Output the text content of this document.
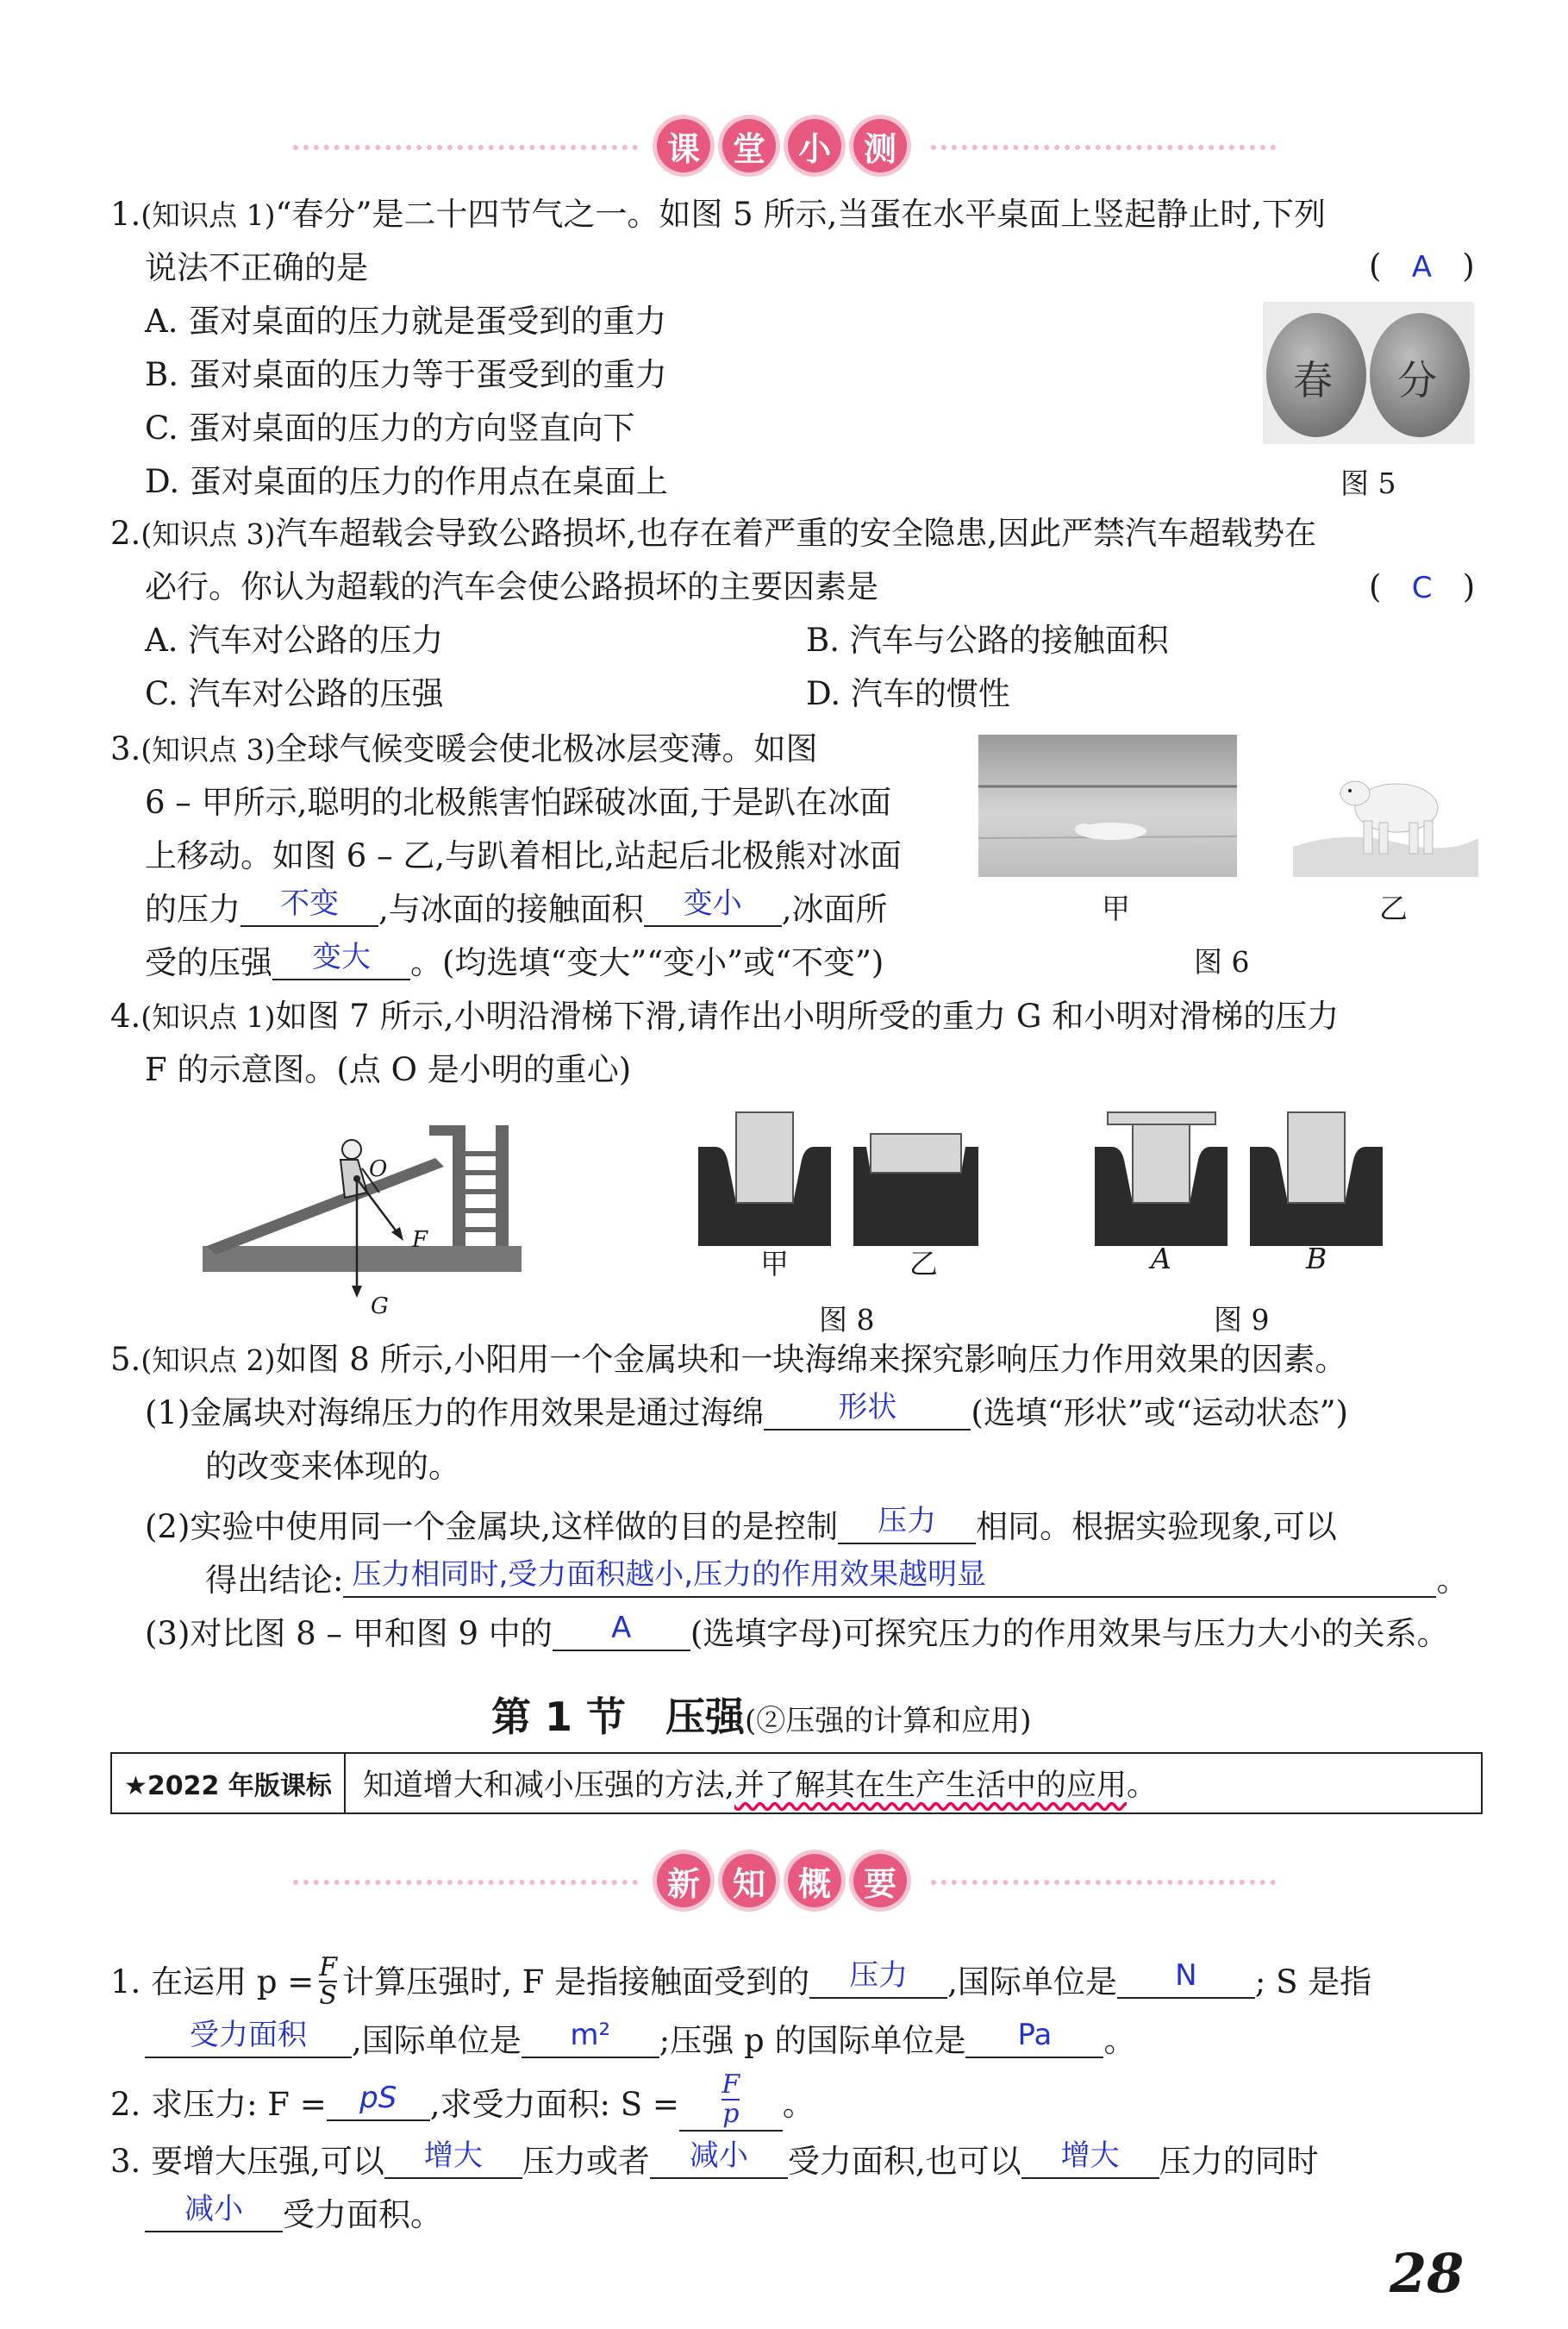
课 堂 小 测
1.(知识点 1)“春分”是二十四节气之一。如图 5 所示,当蛋在水平桌面上竖起静止时,下列
说法不正确的是	(   A   )
A. 蛋对桌面的压力就是蛋受到的重力
B. 蛋对桌面的压力等于蛋受到的重力
C. 蛋对桌面的压力的方向竖直向下
D. 蛋对桌面的压力的作用点在桌面上
春 分
图 5
2.(知识点 3)汽车超载会导致公路损坏,也存在着严重的安全隐患,因此严禁汽车超载势在
必行。你认为超载的汽车会使公路损坏的主要因素是	(   C   )
A. 汽车对公路的压力	B. 汽车与公路的接触面积
C. 汽车对公路的压强	D. 汽车的惯性
3.(知识点 3)全球气候变暖会使北极冰层变薄。如图
6 – 甲所示,聪明的北极熊害怕踩破冰面,于是趴在冰面
上移动。如图 6 – 乙,与趴着相比,站起后北极熊对冰面
的压力 不变 ,与冰面的接触面积 变小 ,冰面所
受的压强 变大 。(均选填“变大”“变小”或“不变”)
甲	乙
图 6
4.(知识点 1)如图 7 所示,小明沿滑梯下滑,请作出小明所受的重力 G 和小明对滑梯的压力
F 的示意图。(点 O 是小明的重心)
O
F
G
甲	乙
图 8
A	B
图 9
5.(知识点 2)如图 8 所示,小阳用一个金属块和一块海绵来探究影响压力作用效果的因素。
(1)金属块对海绵压力的作用效果是通过海绵	形状 (选填“形状”或“运动状态”)
的改变来体现的。
(2)实验中使用同一个金属块,这样做的目的是控制 压力 相同。根据实验现象,可以
得出结论: 压力相同时,受力面积越小,压力的作用效果越明显	。
(3)对比图 8 – 甲和图 9 中的 A (选填字母)可探究压力的作用效果与压力大小的关系。
第 1 节　压强(②压强的计算和应用)
★2022 年版课标	知道增大和减小压强的方法, 并了解其在生产生活中的应用 。
新 知 概 要
1. 在运用 $p = \frac{F}{S}$ 计算压强时, F 是指接触面受到的	压力	,国际单位是	N	; S 是指
受力面积 ,国际单位是 m² ;压强 p 的国际单位是 Pa 。
2. 求压力: F =	pS	,求受力面积: $S = \frac{F}{p}$ 。
3. 要增大压强,可以 增大 压力或者 减小 受力面积,也可以 增大 压力的同时
减小 受力面积。
28
